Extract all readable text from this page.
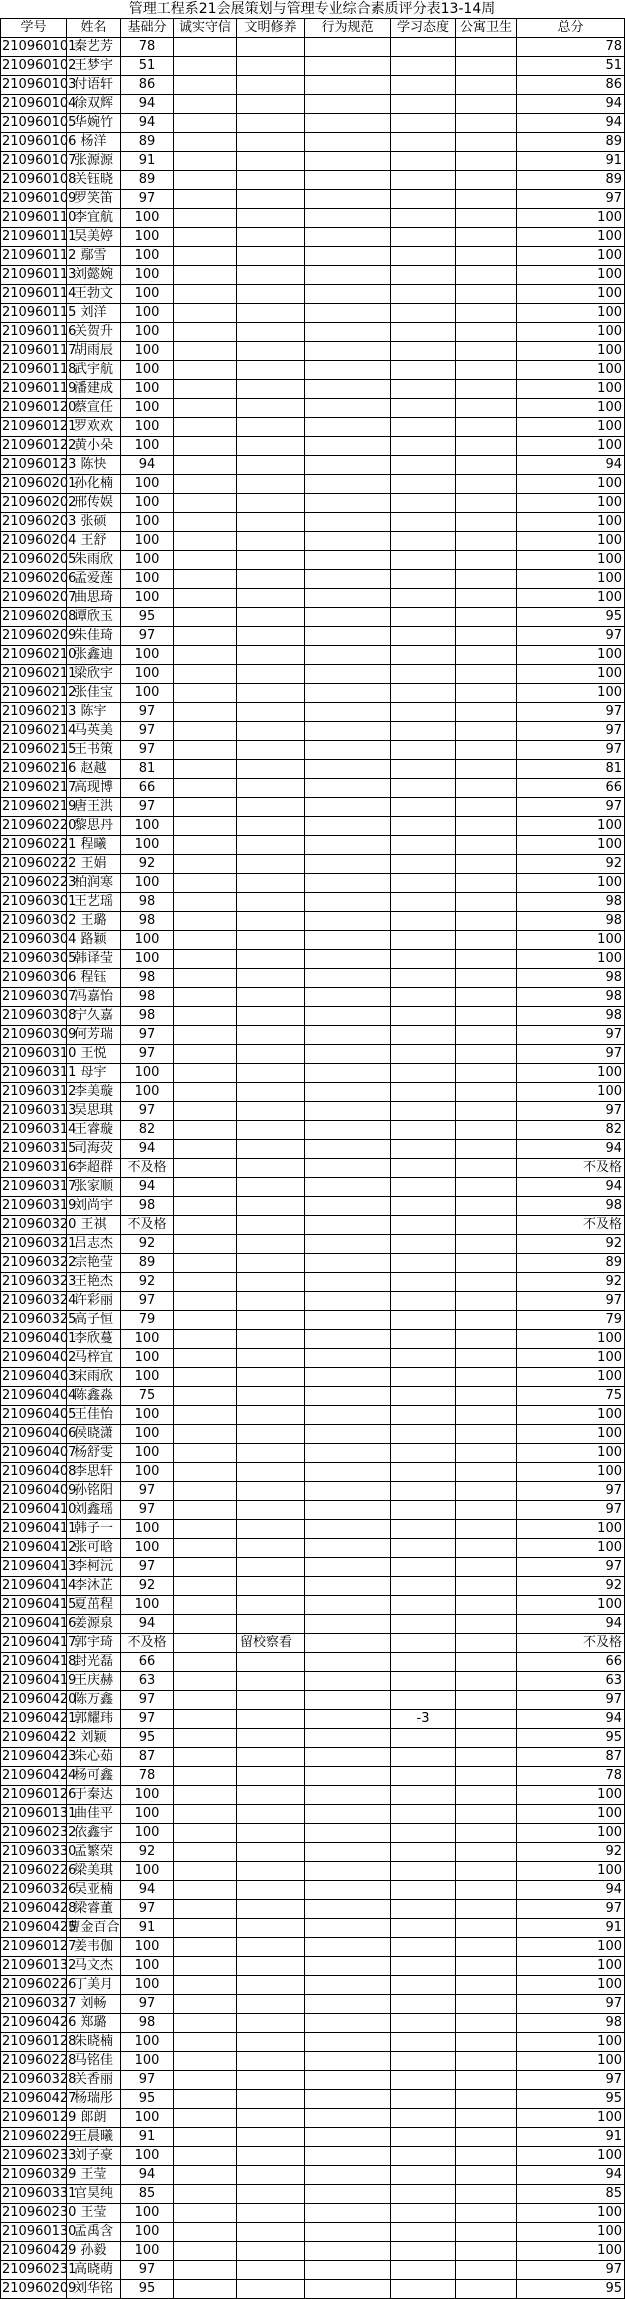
管理工程系21会展策划与管理专业综合素质评分表13-14周
学号	姓名	基础分	诚实守信	文明修养	行为规范	学习态度	公寓卫生	总分
210960101	秦艺芳	78						78
210960102	王梦宇	51						51
210960103	付语轩	86						86
210960104	徐双辉	94						94
210960105	华婉竹	94						94
210960106	杨洋	89						89
210960107	张源源	91						91
210960108	关钰晓	89						89
210960109	罗笑笛	97						97
210960110	李宜航	100						100
210960111	吴美婷	100						100
210960112	鄢雪	100						100
210960113	刘懿婉	100						100
210960114	王勃文	100						100
210960115	刘洋	100						100
210960116	关贺升	100						100
210960117	胡雨辰	100						100
210960118	武宇航	100						100
210960119	潘建成	100						100
210960120	蔡宣任	100						100
210960121	罗欢欢	100						100
210960122	黄小朵	100						100
210960123	陈快	94						94
210960201	孙化楠	100						100
210960202	邢传娱	100						100
210960203	张硕	100						100
210960204	王舒	100						100
210960205	朱雨欣	100						100
210960206	孟爱莲	100						100
210960207	曲思琦	100						100
210960208	谭欣玉	95						95
210960209	朱佳琦	97						97
210960210	张鑫迪	100						100
210960211	梁欣宇	100						100
210960212	张佳宝	100						100
210960213	陈宇	97						97
210960214	马英美	97						97
210960215	王书策	97						97
210960216	赵越	81						81
210960217	高现博	66						66
210960219	唐王洪	97						97
210960220	黎思丹	100						100
210960221	程曦	100						100
210960222	王娟	92						92
210960223	柏润寒	100						100
210960301	王艺瑶	98						98
210960302	王璐	98						98
210960304	路颖	100						100
210960305	韩译莹	100						100
210960306	程钰	98						98
210960307	冯嘉怡	98						98
210960308	宁久嘉	98						98
210960309	何芳瑞	97						97
210960310	王悦	97						97
210960311	母宇	100						100
210960312	李美璇	100						100
210960313	吴思琪	97						97
210960314	王睿璇	82						82
210960315	司海荧	94						94
210960316	李超群	不及格						不及格
210960317	张家顺	94						94
210960319	刘尚宇	98						98
210960320	王祺	不及格						不及格
210960321	吕志杰	92						92
210960322	宗艳莹	89						89
210960323	王艳杰	92						92
210960324	许彩丽	97						97
210960325	高子恒	79						79
210960401	李欣蔓	100						100
210960402	马梓宜	100						100
210960403	宋雨欣	100						100
210960404	陈鑫淼	75						75
210960405	王佳怡	100						100
210960406	侯晓潇	100						100
210960407	杨舒雯	100						100
210960408	李思轩	100						100
210960409	孙铭阳	97						97
210960410	刘鑫瑶	97						97
210960411	韩子一	100						100
210960412	张可晗	100						100
210960413	李柯沅	97						97
210960414	李沐芷	92						92
210960415	夏茁程	100						100
210960416	姜源泉	94						94
210960417	郭宇琦	不及格		留校察看				不及格
210960418	封光磊	66						66
210960419	王庆赫	63						63
210960420	陈万鑫	97						97
210960421	郭耀玮	97				-3		94
210960422	刘颖	95						95
210960423	朱心茹	87						87
210960424	杨可鑫	78						78
210960126	于秦达	100						100
210960131	曲佳平	100						100
210960232	依鑫宇	100						100
210960330	孟繁荣	92						92
210960226	梁美琪	100						100
210960326	吴亚楠	94						94
210960428	梁睿董	97						97
210960425	曹金百合	91						91
210960127	姜韦伽	100						100
210960132	马文杰	100						100
210960226	丁美月	100						100
210960327	刘畅	97						97
210960426	郑璐	98						98
210960128	朱晓楠	100						100
210960228	马铭佳	100						100
210960328	关香丽	97						97
210960427	杨瑞彤	95						95
210960129	郎朗	100						100
210960229	王晨曦	91						91
210960233	刘子豪	100						100
210960329	王莹	94						94
210960331	官昊纯	85						85
210960230	王莹	100						100
210960130	孟禹含	100						100
210960429	孙毅	100						100
210960231	高晓萌	97						97
210960209	刘华铭	95						95
